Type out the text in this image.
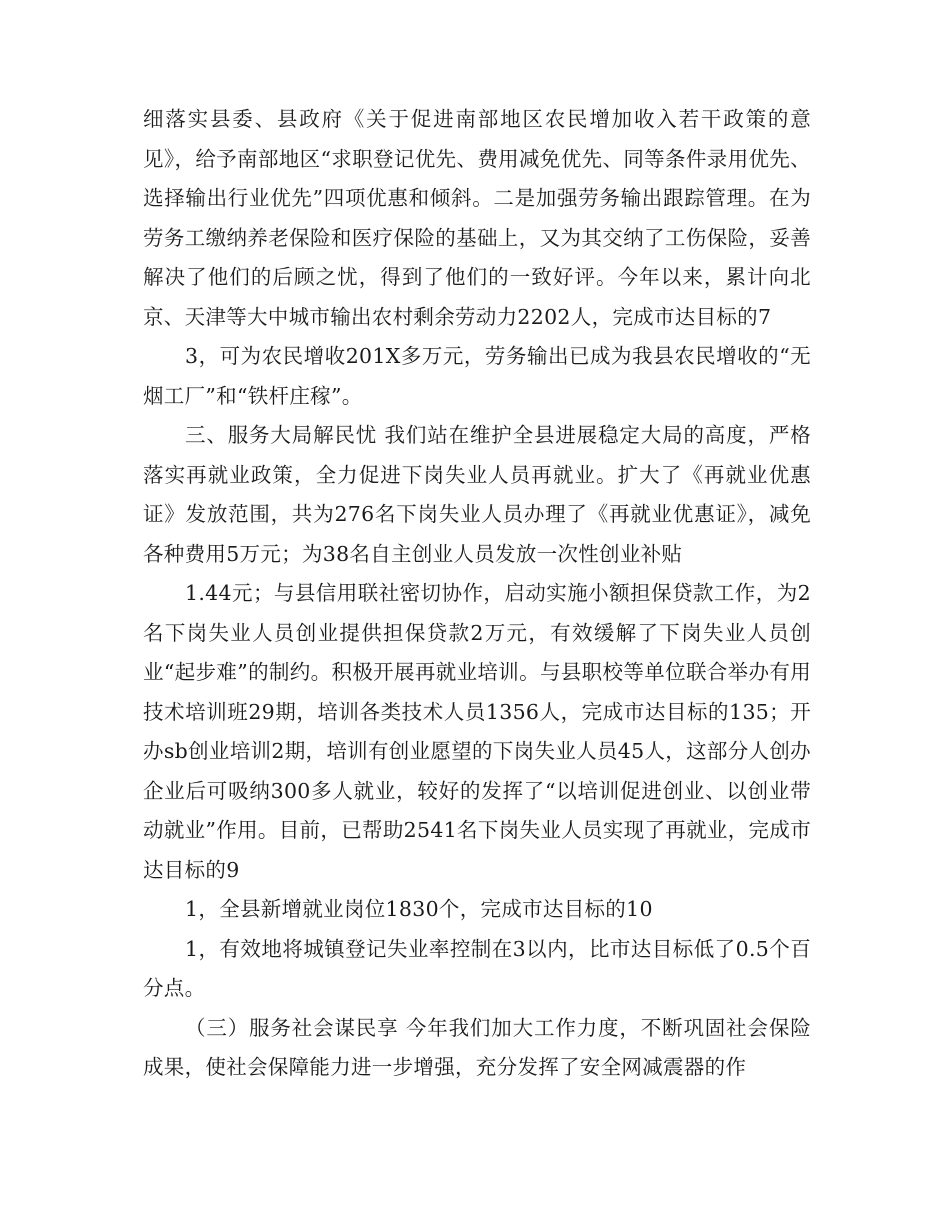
细落实县委、县政府《关于促进南部地区农民增加收入若干政策的意见》，给予南部地区“求职登记优先、费用减免优先、同等条件录用优先、选择输出行业优先”四项优惠和倾斜。二是加强劳务输出跟踪管理。在为劳务工缴纳养老保险和医疗保险的基础上，又为其交纳了工伤保险，妥善解决了他们的后顾之忧，得到了他们的一致好评。今年以来，累计向北京、天津等大中城市输出农村剩余劳动力2202人，完成市达目标的7

3，可为农民增收201X多万元，劳务输出已成为我县农民增收的“无烟工厂”和“铁杆庄稼”。

三、服务大局解民忧 我们站在维护全县进展稳定大局的高度，严格落实再就业政策，全力促进下岗失业人员再就业。扩大了《再就业优惠证》发放范围，共为276名下岗失业人员办理了《再就业优惠证》，减免各种费用5万元；为38名自主创业人员发放一次性创业补贴

1.44元；与县信用联社密切协作，启动实施小额担保贷款工作，为2名下岗失业人员创业提供担保贷款2万元，有效缓解了下岗失业人员创业“起步难”的制约。积极开展再就业培训。与县职校等单位联合举办有用技术培训班29期，培训各类技术人员1356人，完成市达目标的135；开办sb创业培训2期，培训有创业愿望的下岗失业人员45人，这部分人创办企业后可吸纳300多人就业，较好的发挥了“以培训促进创业、以创业带动就业”作用。目前，已帮助2541名下岗失业人员实现了再就业，完成市达目标的9

1，全县新增就业岗位1830个，完成市达目标的10

1，有效地将城镇登记失业率控制在3以内，比市达目标低了0.5个百分点。

（三）服务社会谋民享 今年我们加大工作力度，不断巩固社会保险成果，使社会保障能力进一步增强，充分发挥了安全网减震器的作
